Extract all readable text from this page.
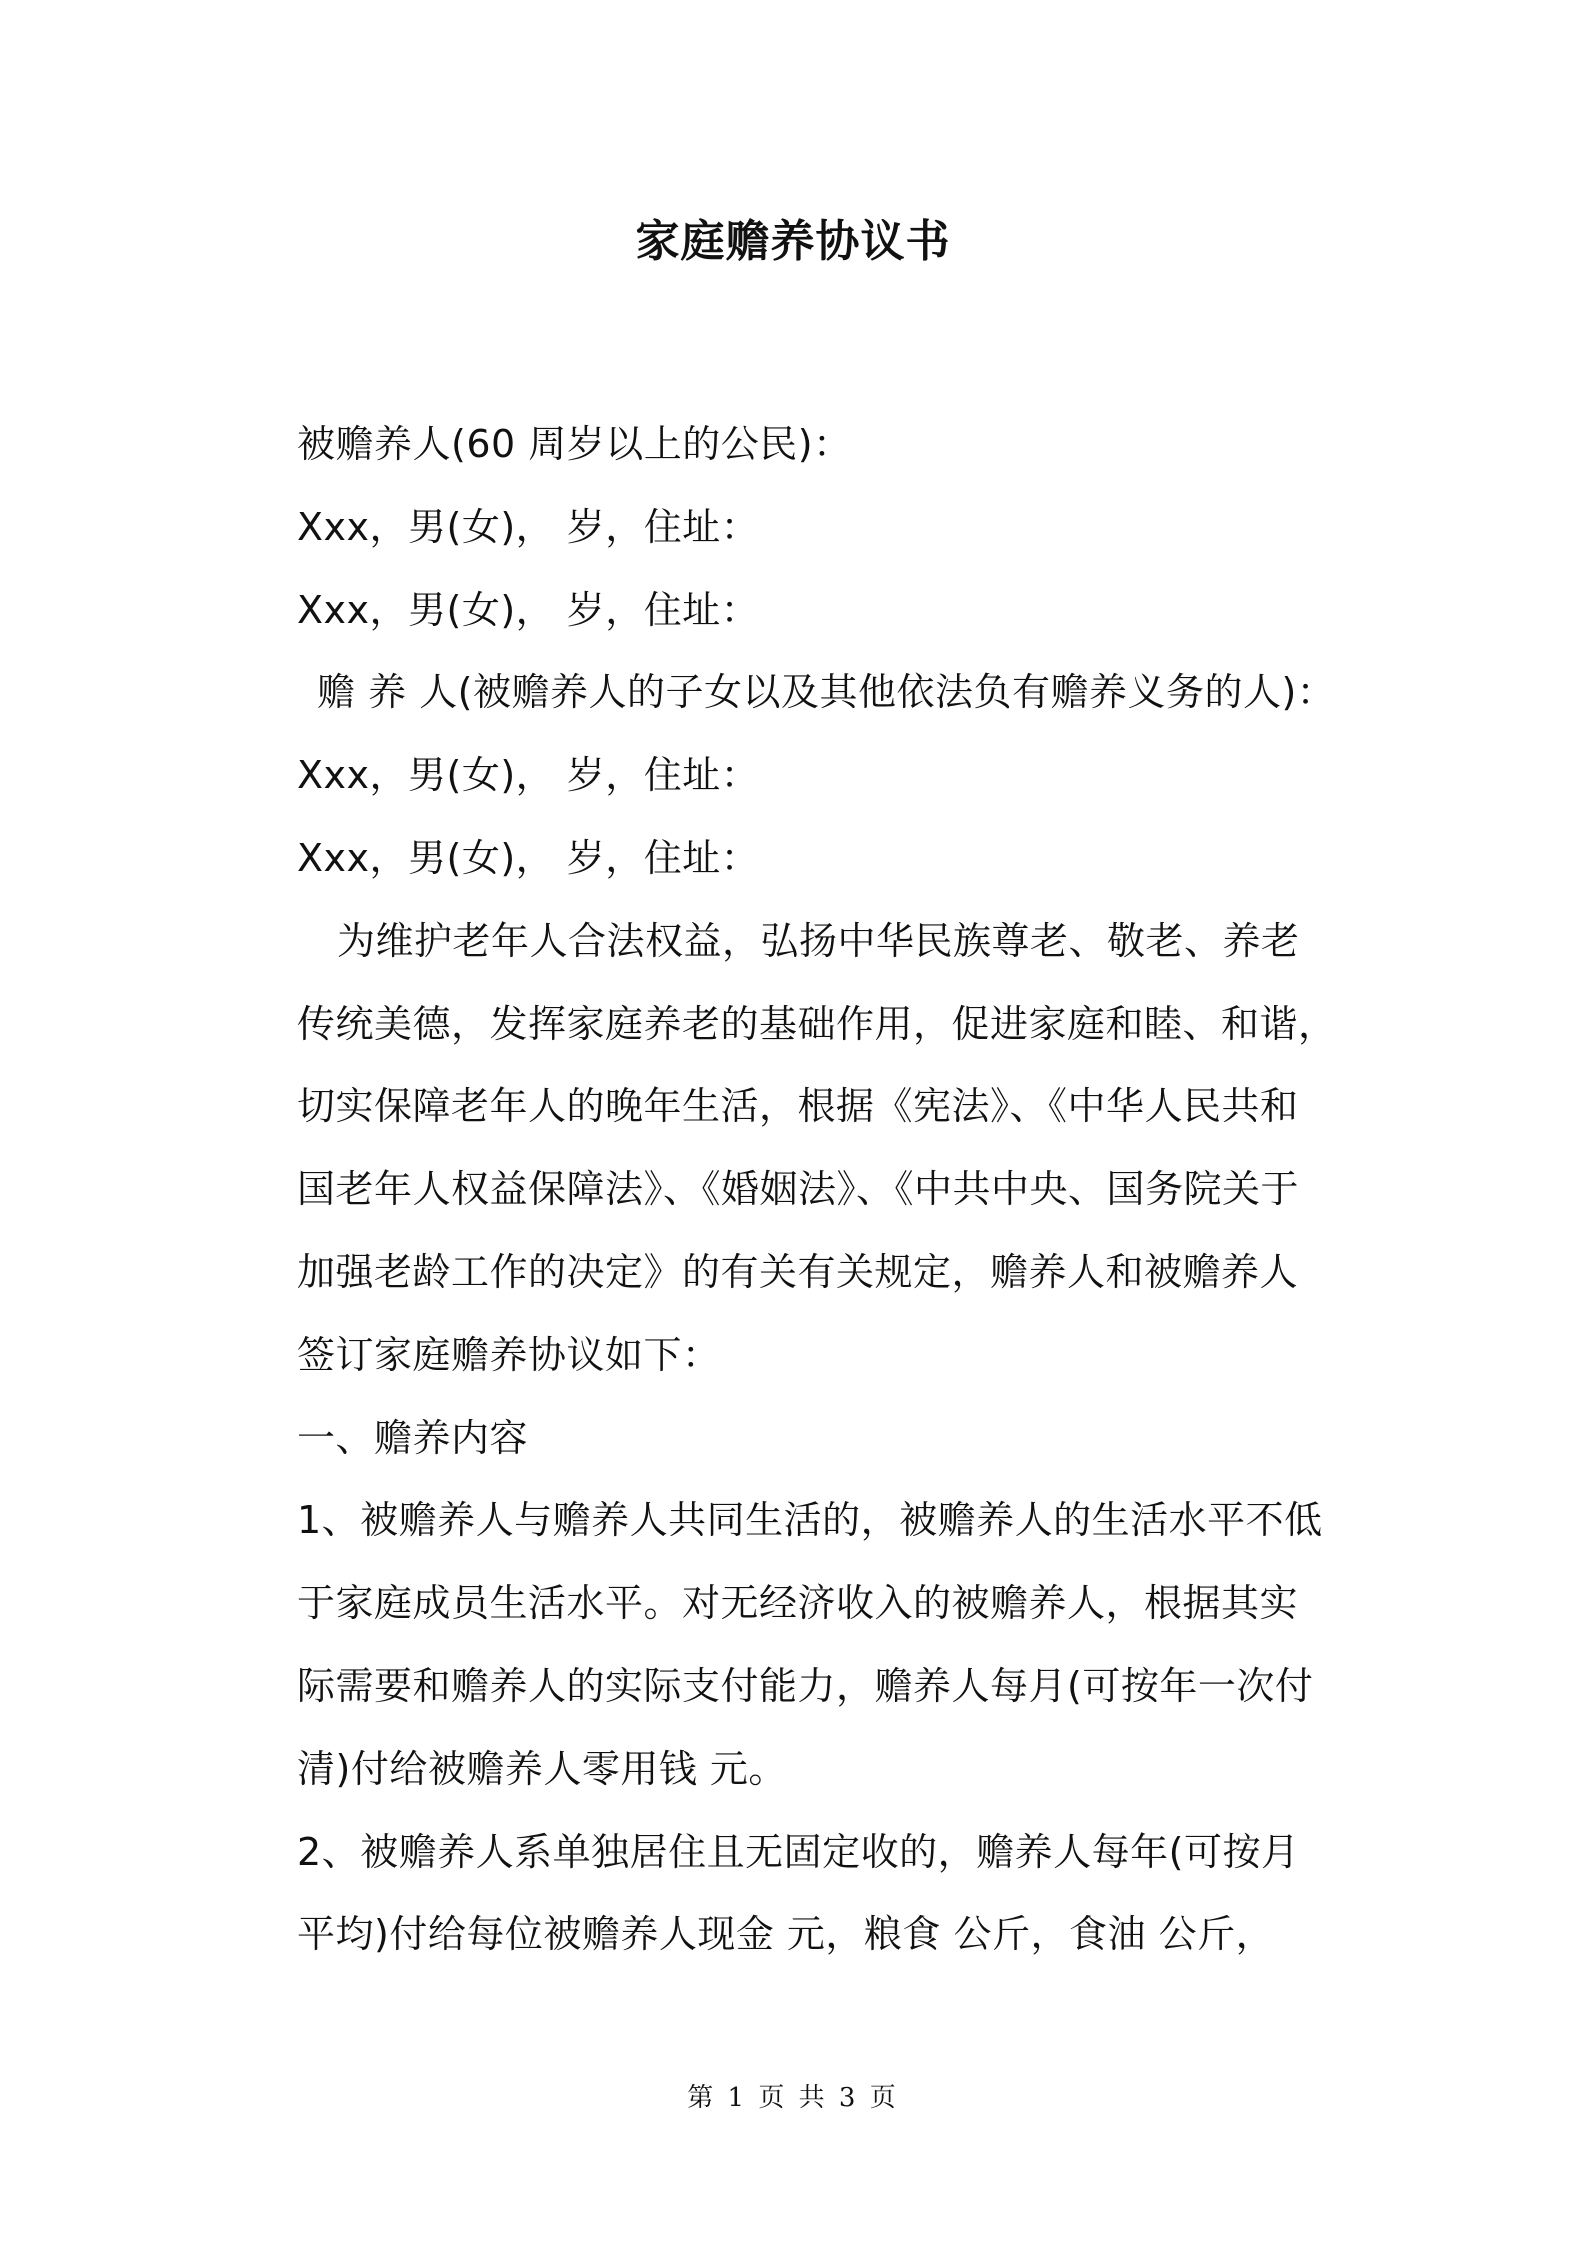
家庭赡养协议书

被赡养人(60 周岁以上的公民)：

Xxx，男(女)， 岁，住址：

Xxx，男(女)， 岁，住址：

赡 养 人(被赡养人的子女以及其他依法负有赡养义务的人)：

Xxx，男(女)， 岁，住址：

Xxx，男(女)， 岁，住址：

为维护老年人合法权益，弘扬中华民族尊老、敬老、养老

传统美德，发挥家庭养老的基础作用，促进家庭和睦、和谐，

切实保障老年人的晚年生活，根据《宪法》、《中华人民共和

国老年人权益保障法》、《婚姻法》、《中共中央、国务院关于

加强老龄工作的决定》的有关有关规定，赡养人和被赡养人

签订家庭赡养协议如下：

一、赡养内容

1、被赡养人与赡养人共同生活的，被赡养人的生活水平不低

于家庭成员生活水平。对无经济收入的被赡养人，根据其实

际需要和赡养人的实际支付能力，赡养人每月(可按年一次付

清)付给被赡养人零用钱 元。

2、被赡养人系单独居住且无固定收的，赡养人每年(可按月

平均)付给每位被赡养人现金 元，粮食 公斤，食油 公斤，

第 1 页 共 3 页
